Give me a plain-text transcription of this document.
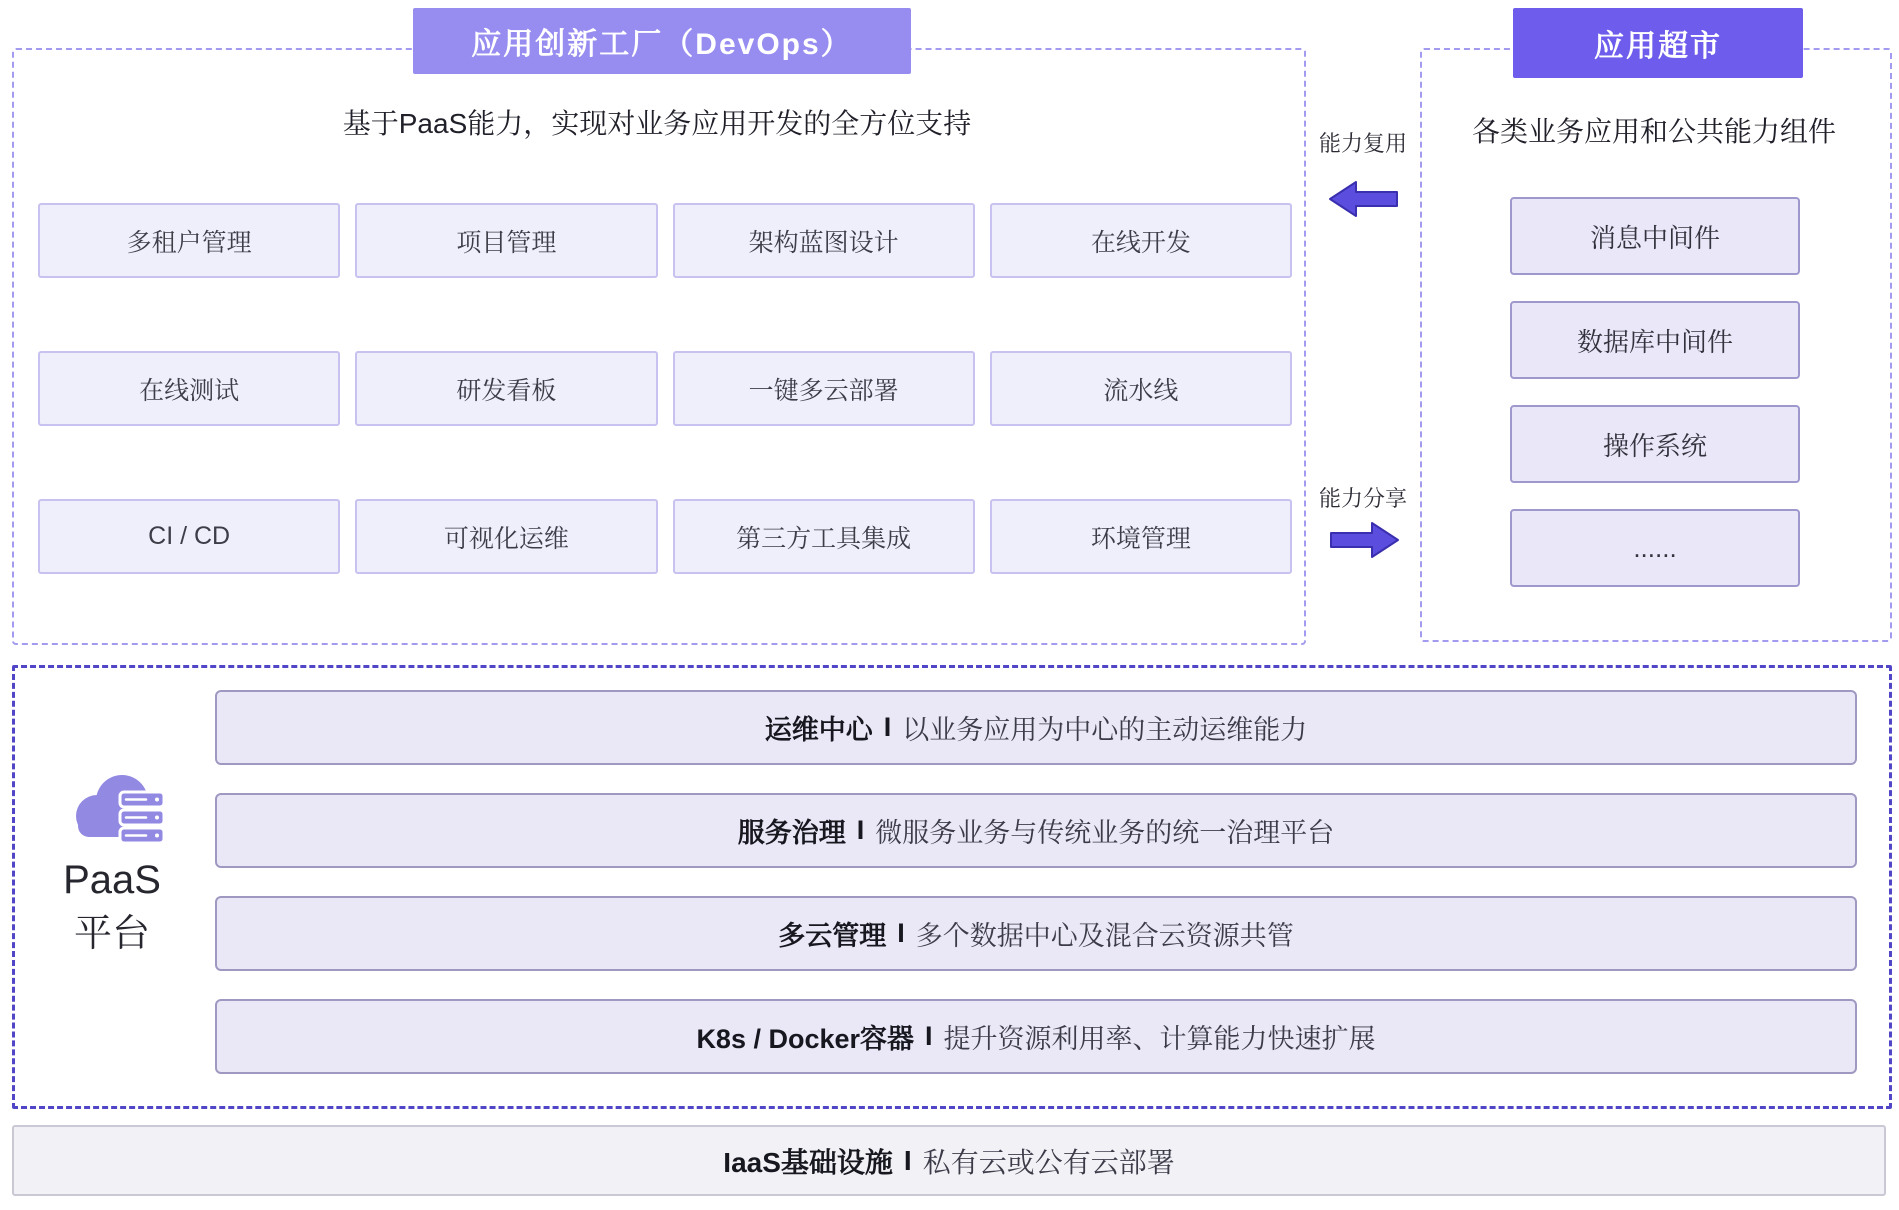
应用创新工厂（DevOps）
基于PaaS能力，实现对业务应用开发的全方位支持
多租户管理	项目管理	架构蓝图设计	在线开发
在线测试	研发看板	一键多云部署	流水线
CI / CD	可视化运维	第三方工具集成	环境管理
能力复用
能力分享
应用超市
各类业务应用和公共能力组件
消息中间件
数据库中间件
操作系统
......
PaaS
平台
运维中心 I 以业务应用为中心的主动运维能力
服务治理 I 微服务业务与传统业务的统一治理平台
多云管理 I 多个数据中心及混合云资源共管
K8s / Docker容器 I 提升资源利用率、计算能力快速扩展
IaaS基础设施 I 私有云或公有云部署
